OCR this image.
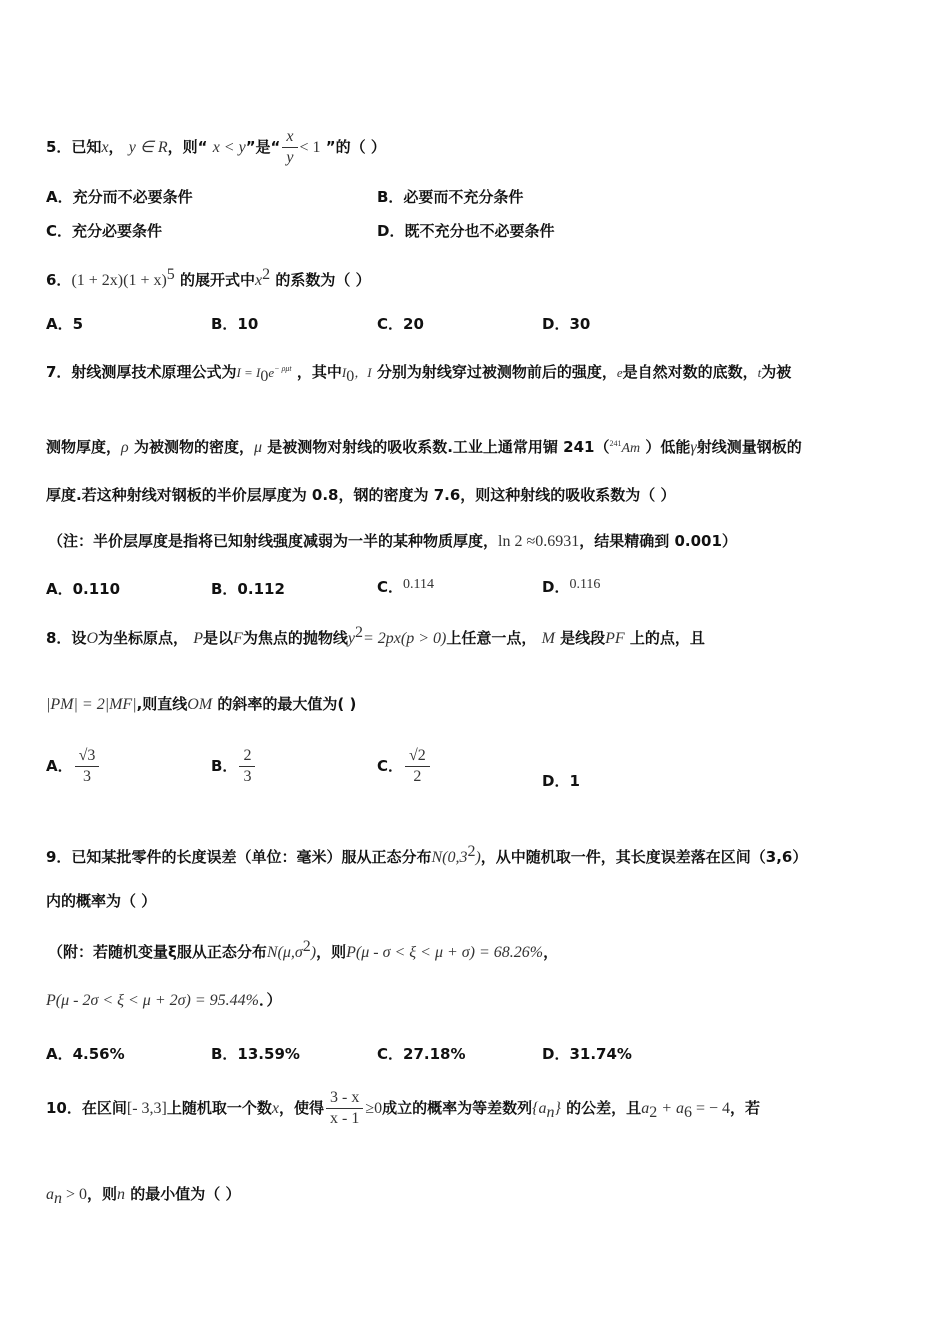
5．已知x， y ∈ R，则“ x < y”是“ $\frac{x}{y} < 1$ ”的（ ）
A．充分而不必要条件	B．必要而不充分条件
C．充分必要条件	D．既不充分也不必要条件
6．$(1 + 2x)(1 + x)^5$ 的展开式中$x^2$ 的系数为（ ）
A．5	B．10	C．20	D．30
7．射线测厚技术原理公式为$I = I_0e^{- \rho\mu t}$ ，其中$I_0$，I 分别为射线穿过被测物前后的强度，e是自然对数的底数，t为被
测物厚度，ρ 为被测物的密度，μ 是被测物对射线的吸收系数.工业上通常用镅 241（$^{241}$Am ）低能γ射线测量钢板的
厚度.若这种射线对钢板的半价层厚度为 0.8，钢的密度为 7.6，则这种射线的吸收系数为（ ）
（注：半价层厚度是指将已知射线强度减弱为一半的某种物质厚度，ln 2 ≈0.6931，结果精确到 0.001）
A．0.110	B．0.112	C．0.114	D．0.116
8．设O为坐标原点， P是以F为焦点的抛物线$y^2= 2px(p > 0)$上任意一点， M 是线段PF 上的点，且
|PM| = 2|MF|,则直线OM 的斜率的最大值为( )
A． $\frac{√3}{3}$	B． $\frac{2}{3}$	C． $\frac{√2}{2}$	D．1
9．已知某批零件的长度误差（单位：毫米）服从正态分布$N(0,3^2)$，从中随机取一件，其长度误差落在区间（3,6）
内的概率为（ ）
（附：若随机变量ξ服从正态分布$N(\mu,\sigma^2)$，则P(μ - σ < ξ < μ + σ) = 68.26%，
P(μ - 2σ < ξ < μ + 2σ) = 95.44%．）
A．4.56%	B．13.59%	C．27.18%	D．31.74%
10．在区间[- 3,3]上随机取一个数x，使得 $\frac{3 - x}{x - 1} \ge 0$成立的概率为等差数列$\{a_n\}$ 的公差，且$a_2 + a_6$ = − 4，若
$a_n > 0$，则n 的最小值为（ ）
